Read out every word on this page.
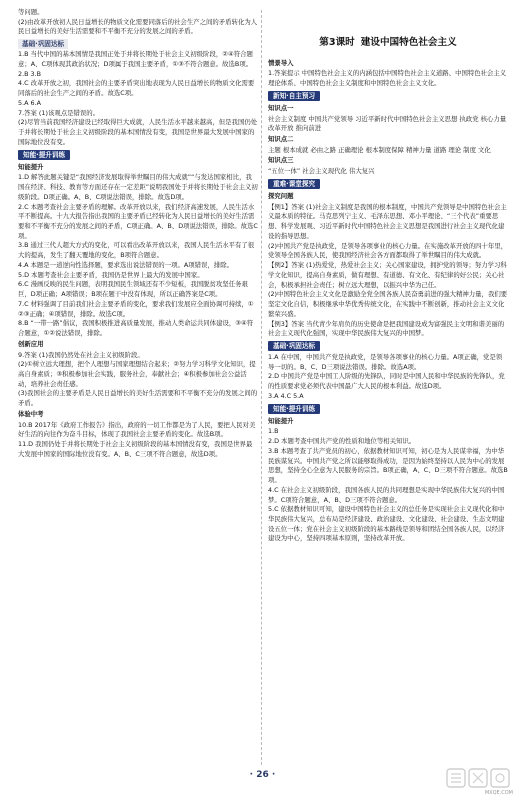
等问题。

(2)由改革开放初人民日益增长的物质文化需要同落后的社会生产之间的矛盾转化为人民日益增长的美好生活需要和不平衡不充分的发展之间的矛盾。

基础·巩固达标

1.B 当代中国的基本国情是我国正处于并将长期处于社会主义初级阶段，②④符合题意；A、C项体现其政治状况；D项属于我国主要矛盾，①③不符合题意。故选B项。

2.B 3.B

4.C 改革开放之初，我国社会的主要矛盾突出地表现为人民日益增长的物质文化需要同落后的社会生产之间的矛盾。故选C项。

5.A 6.A

7.答案 (1)该观点是错误的。

(2)尽管当前我国经济建设已经取得巨大成就，人民生活水平越来越高，但是我国仍处于并将长期处于社会主义初级阶段的基本国情没有变，我国是世界最大发展中国家的国际地位没有变。

知能·提升训练

知能提升

1.D 解答此题关键是“我国经济发展取得举世瞩目的伟大成就”“与发达国家相比，我国在经济、科技、教育等方面还存在一定差距”说明我国处于并将长期处于社会主义初级阶段。D项正确。A、B、C项说法错误，排除。故选D项。

2.C 本题考查社会主要矛盾的理解。改革开放以来，我们经济高速发展，人民生活水平不断提高。十九大报告指出我国的主要矛盾已经转化为人民日益增长的美好生活需要和不平衡不充分的发展之间的矛盾，C项正确。A、B、D项说法错误，排除。故选C项。

3.B 通过三代人超大方式的变化，可以看出改革开放以来，我国人民生活水平有了很大的提高，发生了翻天覆地的变化，B项符合题意。

4.A 本题是一道逆向性选择题，要求选出说法错误的一项。A项错误，排除。

5.D 本题考查社会主要矛盾，我国仍是世界上最大的发展中国家。

6.C 漫画反映的民生问题，表明我国民生领域还有不少短板，我国脱贫攻坚任务艰巨，D项正确；A项错误；B项在题干中没有体现，所以正确答案是C项。

7.C 材料强调了目前我们社会主要矛盾的变化，要求我们发展应全面协调可持续，①②③正确；④项错误，排除。故选C项。

8.B “一带一路”倡议，我国积极推进高质量发展，推动人类命运共同体建设，③④符合题意，①②说法错误，排除。

创新应用

9.答案 (1)我国仍然处在社会主义初级阶段。

(2)①树立远大理想，把个人理想与国家理想结合起来；②努力学习科学文化知识，提高自身素质；③积极参加社会实践，服务社会，奉献社会；④积极参加社会公益活动，培养社会责任感。

(3)我国社会的主要矛盾是人民日益增长的美好生活需要和不平衡不充分的发展之间的矛盾。

体验中考

10.B 2017年《政府工作报告》指出，政府的一切工作都是为了人民，要把人民对美好生活的向往作为奋斗目标，体现了我国社会主要矛盾的变化。故选B项。

11.D 我国仍处于并将长期处于社会主义初级阶段的基本国情没有变，我国是世界最大发展中国家的国际地位没有变。A、B、C三项不符合题意，故选D项。

第3课时 建设中国特色社会主义

情景导入

1.答案提示 中国特色社会主义的内涵包括中国特色社会主义道路、中国特色社会主义理论体系、中国特色社会主义制度和中国特色社会主义文化。

新知·自主预习

知识点一

社会主义制度 中国共产党领导 习近平新时代中国特色社会主义思想 执政党 核心力量 改革开放 推向前进

知识点二

主题 根本成就 必由之路 正确理论 根本制度保障 精神力量 道路 理论 制度 文化

知识点三

“五位一体” 社会主义现代化 伟大复兴

重难·课堂探究

探究问题

【例1】答案 (1)社会主义制度是我国的根本制度，中国共产党领导是中国特色社会主义最本质的特征。马克思列宁主义、毛泽东思想、邓小平理论、“三个代表”重要思想、科学发展观、习近平新时代中国特色社会主义思想是我国进行社会主义现代化建设的指导思想。

(2)中国共产党是执政党，是领导各项事业的核心力量。在实施改革开放的四十年里，党领导全国各族人民，使我国经济社会各方面都取得了举世瞩目的伟大成就。

【例2】答案 (1)热爱党，热爱社会主义；关心国家建设，拥护党的领导；努力学习科学文化知识，提高自身素质，做有理想、有道德、有文化、有纪律的好公民；关心社会，积极承担社会责任；树立远大理想，以振兴中华为己任。

(2)中国特色社会主义文化是激励全党全国各族人民奋勇前进的强大精神力量，我们要坚定文化自信，积极继承中华优秀传统文化，在实践中不断创新，推动社会主义文化繁荣兴盛。

【例3】答案 当代青少年肩负的历史使命是把我国建设成为富强民主文明和谐美丽的社会主义现代化强国，实现中华民族伟大复兴的中国梦。

基础·巩固达标

1.A 在中国，中国共产党是执政党，是领导各项事业的核心力量。A项正确，党是领导一切的。B、C、D三项说法错误。排除。故选A项。

2.D 中国共产党是中国工人阶级的先锋队，同时是中国人民和中华民族的先锋队，党的性质要求党必须代表中国最广大人民的根本利益。故选D项。

3.A 4.C 5.A

知能·提升训练

知能提升

1.B

2.D 本题考查中国共产党的性质和地位等相关知识。

3.B 本题考查了共产党员的初心，依据教材知识可知，初心是为人民谋幸福，为中华民族谋复兴。中国共产党之所以能够取得成功，是因为始终坚持以人民为中心的发展思想，坚持全心全意为人民服务的宗旨。B项正确，A、C、D三项不符合题意。故选B项。

4.C 在社会主义初级阶段，我国各族人民的共同理想是实现中华民族伟大复兴的中国梦。C项符合题意，A、B、D三项不符合题意。

5.C 依据教材知识可知，建设中国特色社会主义的总任务是实现社会主义现代化和中华民族伟大复兴，总布局是经济建设、政治建设、文化建设、社会建设、生态文明建设五位一体；党在社会主义初级阶段的基本路线是领导和团结全国各族人民，以经济建设为中心，坚持四项基本原则，坚持改革开放。

· 26 ·
MXQE.COM
